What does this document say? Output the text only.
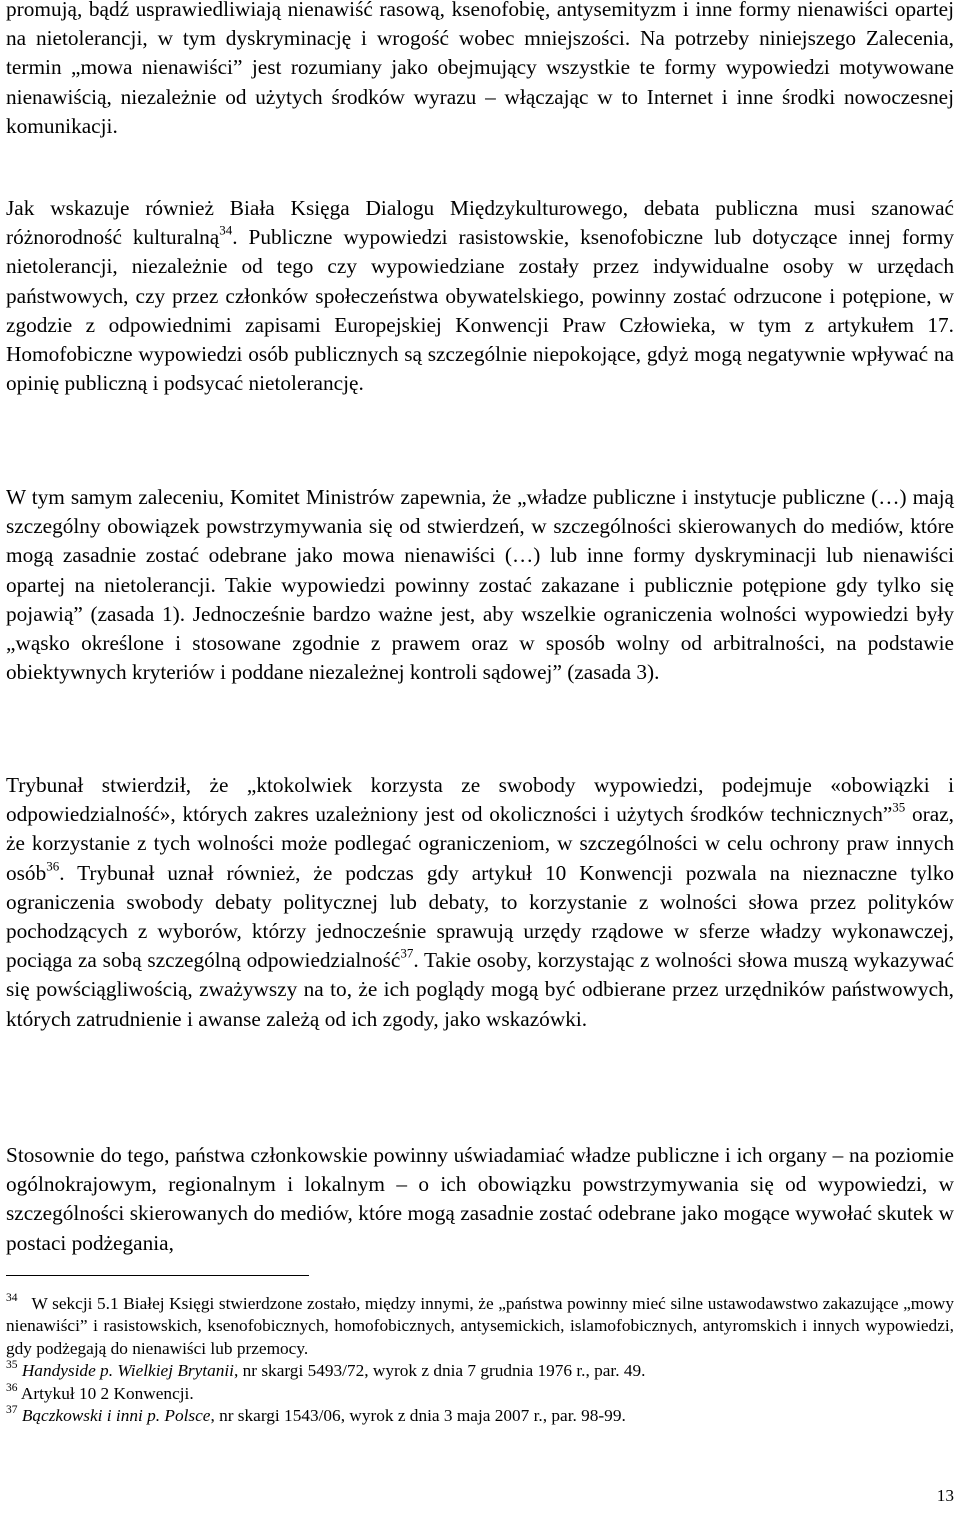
promują, bądź usprawiedliwiają nienawiść rasową, ksenofobię, antysemityzm i inne formy nienawiści opartej na nietolerancji, w tym dyskryminację i wrogość wobec mniejszości. Na potrzeby niniejszego Zalecenia, termin „mowa nienawiści” jest rozumiany jako obejmujący wszystkie te formy wypowiedzi motywowane nienawiścią, niezależnie od użytych środków wyrazu – włączając w to Internet i inne środki nowoczesnej komunikacji.

Jak wskazuje również Biała Księga Dialogu Międzykulturowego, debata publiczna musi szanować różnorodność kulturalną$^{34}$. Publiczne wypowiedzi rasistowskie, ksenofobiczne lub dotyczące innej formy nietolerancji, niezależnie od tego czy wypowiedziane zostały przez indywidualne osoby w urzędach państwowych, czy przez członków społeczeństwa obywatelskiego, powinny zostać odrzucone i potępione, w zgodzie z odpowiednimi zapisami Europejskiej Konwencji Praw Człowieka, w tym z artykułem 17. Homofobiczne wypowiedzi osób publicznych są szczególnie niepokojące, gdyż mogą negatywnie wpływać na opinię publiczną i podsycać nietolerancję.

W tym samym zaleceniu, Komitet Ministrów zapewnia, że „władze publiczne i instytucje publiczne (…) mają szczególny obowiązek powstrzymywania się od stwierdzeń, w szczególności skierowanych do mediów, które mogą zasadnie zostać odebrane jako mowa nienawiści (…) lub inne formy dyskryminacji lub nienawiści opartej na nietolerancji. Takie wypowiedzi powinny zostać zakazane i publicznie potępione gdy tylko się pojawią” (zasada 1). Jednocześnie bardzo ważne jest, aby wszelkie ograniczenia wolności wypowiedzi były „wąsko określone i stosowane zgodnie z prawem oraz w sposób wolny od arbitralności, na podstawie obiektywnych kryteriów i poddane niezależnej kontroli sądowej” (zasada 3).

Trybunał stwierdził, że „ktokolwiek korzysta ze swobody wypowiedzi, podejmuje «obowiązki i odpowiedzialność», których zakres uzależniony jest od okoliczności i użytych środków technicznych”$^{35}$ oraz, że korzystanie z tych wolności może podlegać ograniczeniom, w szczególności w celu ochrony praw innych osób$^{36}$. Trybunał uznał również, że podczas gdy artykuł 10 Konwencji pozwala na nieznaczne tylko ograniczenia swobody debaty politycznej lub debaty, to korzystanie z wolności słowa przez polityków pochodzących z wyborów, którzy jednocześnie sprawują urzędy rządowe w sferze władzy wykonawczej, pociąga za sobą szczególną odpowiedzialność$^{37}$. Takie osoby, korzystając z wolności słowa muszą wykazywać się powściągliwością, zważywszy na to, że ich poglądy mogą być odbierane przez urzędników państwowych, których zatrudnienie i awanse zależą od ich zgody, jako wskazówki.

Stosownie do tego, państwa członkowskie powinny uświadamiać władze publiczne i ich organy – na poziomie ogólnokrajowym, regionalnym i lokalnym – o ich obowiązku powstrzymywania się od wypowiedzi, w szczególności skierowanych do mediów, które mogą zasadnie zostać odebrane jako mogące wywołać skutek w postaci podżegania,

$^{34}$ W sekcji 5.1 Białej Księgi stwierdzone zostało, między innymi, że „państwa powinny mieć silne ustawodawstwo zakazujące „mowy nienawiści” i rasistowskich, ksenofobicznych, homofobicznych, antysemickich, islamofobicznych, antyromskich i innych wypowiedzi, gdy podżegają do nienawiści lub przemocy.

$^{35}$ Handyside p. Wielkiej Brytanii, nr skargi 5493/72, wyrok z dnia 7 grudnia 1976 r., par. 49.

$^{36}$ Artykuł 10 2 Konwencji.

$^{37}$ Bączkowski i inni p. Polsce, nr skargi 1543/06, wyrok z dnia 3 maja 2007 r., par. 98-99.

13
